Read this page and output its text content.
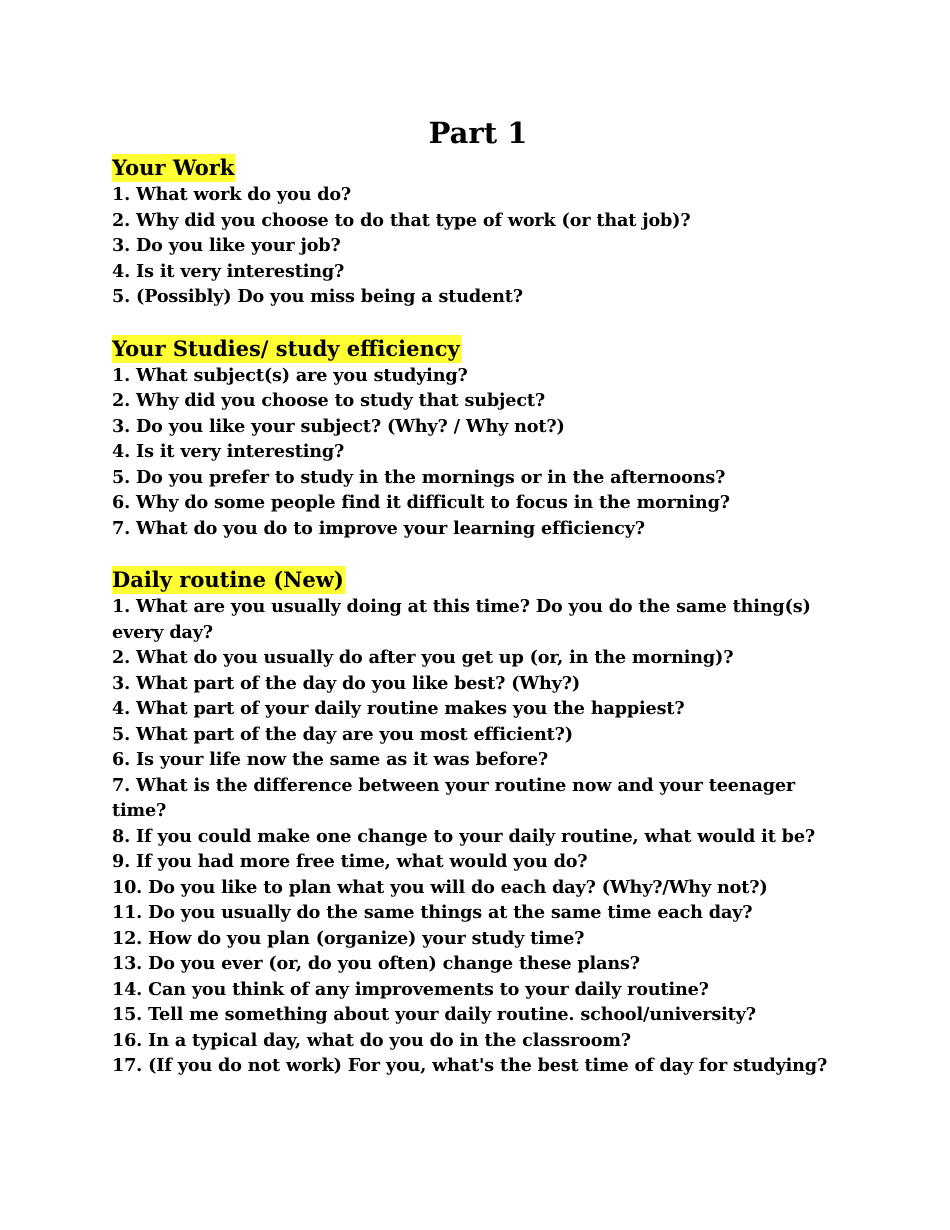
Part 1
Your Work
1. What work do you do?
2. Why did you choose to do that type of work (or that job)?
3. Do you like your job?
4. Is it very interesting?
5. (Possibly) Do you miss being a student?
Your Studies/ study efficiency
1. What subject(s) are you studying?
2. Why did you choose to study that subject?
3. Do you like your subject? (Why? / Why not?)
4. Is it very interesting?
5. Do you prefer to study in the mornings or in the afternoons?
6. Why do some people find it difficult to focus in the morning?
7. What do you do to improve your learning efficiency?
Daily routine (New)
1. What are you usually doing at this time? Do you do the same thing(s) every day?
2. What do you usually do after you get up (or, in the morning)?
3. What part of the day do you like best? (Why?)
4. What part of your daily routine makes you the happiest?
5. What part of the day are you most efficient?)
6. Is your life now the same as it was before?
7. What is the difference between your routine now and your teenager time?
8. If you could make one change to your daily routine, what would it be?
9. If you had more free time, what would you do?
10. Do you like to plan what you will do each day? (Why?/Why not?)
11. Do you usually do the same things at the same time each day?
12. How do you plan (organize) your study time?
13. Do you ever (or, do you often) change these plans?
14. Can you think of any improvements to your daily routine?
15. Tell me something about your daily routine. school/university?
16. In a typical day, what do you do in the classroom?
17. (If you do not work) For you, what's the best time of day for studying?
